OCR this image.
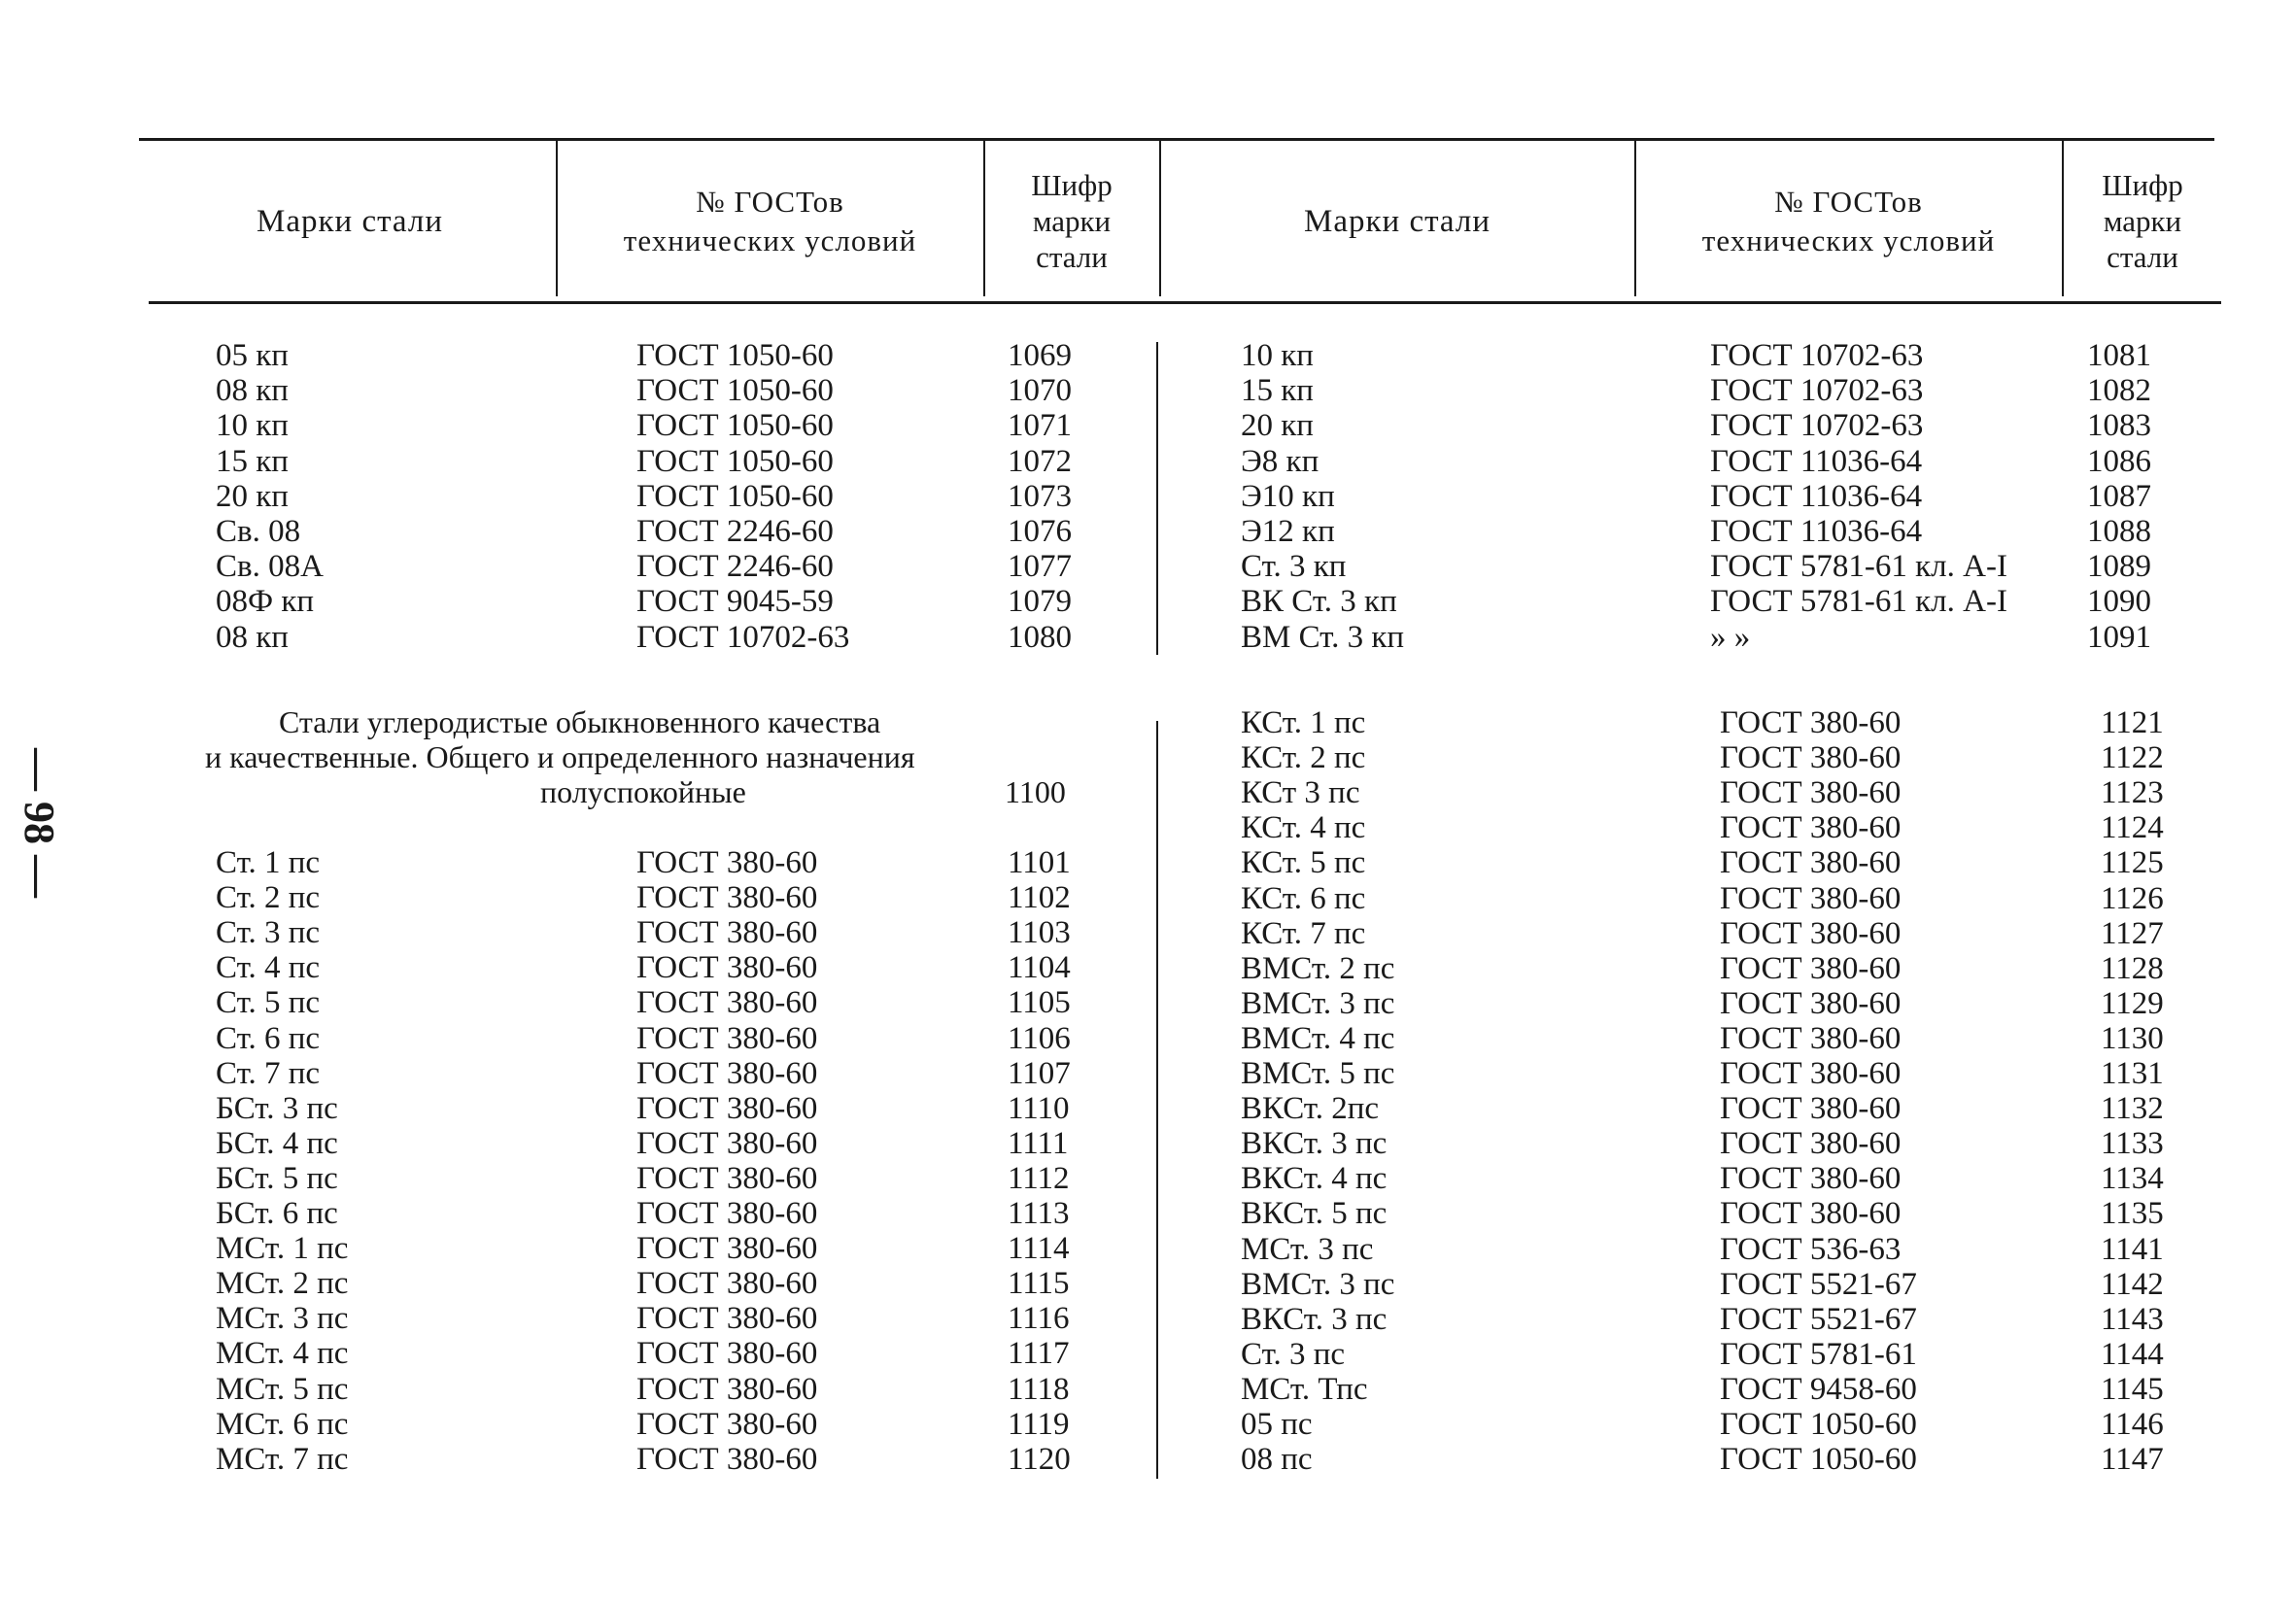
— 98 —
Марки стали
№ ГОСТов
технических условий
Шифр
марки
стали
Марки стали
№ ГОСТов
технических условий
Шифр
марки
стали
Стали углеродистые обыкновенного качества
и качественные. Общего и определенного назначения
полуспокойные	1100
05 кп	ГОСТ 1050-60	1069
08 кп	ГОСТ 1050-60	1070
10 кп	ГОСТ 1050-60	1071
15 кп	ГОСТ 1050-60	1072
20 кп	ГОСТ 1050-60	1073
Св. 08	ГОСТ 2246-60	1076
Св. 08А	ГОСТ 2246-60	1077
08Ф кп	ГОСТ 9045-59	1079
08 кп	ГОСТ 10702-63	1080
Ст. 1 пс	ГОСТ 380-60	1101
Ст. 2 пс	ГОСТ 380-60	1102
Ст. 3 пс	ГОСТ 380-60	1103
Ст. 4 пс	ГОСТ 380-60	1104
Ст. 5 пс	ГОСТ 380-60	1105
Ст. 6 пс	ГОСТ 380-60	1106
Ст. 7 пс	ГОСТ 380-60	1107
БСт. 3 пс	ГОСТ 380-60	1110
БСт. 4 пс	ГОСТ 380-60	1111
БСт. 5 пс	ГОСТ 380-60	1112
БСт. 6 пс	ГОСТ 380-60	1113
МСт. 1 пс	ГОСТ 380-60	1114
МСт. 2 пс	ГОСТ 380-60	1115
МСт. 3 пс	ГОСТ 380-60	1116
МСт. 4 пс	ГОСТ 380-60	1117
МСт. 5 пс	ГОСТ 380-60	1118
МСт. 6 пс	ГОСТ 380-60	1119
МСт. 7 пс	ГОСТ 380-60	1120
10 кп	ГОСТ 10702-63	1081
15 кп	ГОСТ 10702-63	1082
20 кп	ГОСТ 10702-63	1083
Э8 кп	ГОСТ 11036-64	1086
Э10 кп	ГОСТ 11036-64	1087
Э12 кп	ГОСТ 11036-64	1088
Ст. 3 кп	ГОСТ 5781-61 кл. А-I 1089
ВК Ст. 3 кп	ГОСТ 5781-61 кл. А-I 1090
ВМ Ст. 3 кп	» »	1091
КСт. 1 пс	ГОСТ 380-60	1121
КСт. 2 пс	ГОСТ 380-60	1122
КСт 3 пс	ГОСТ 380-60	1123
КСт. 4 пс	ГОСТ 380-60	1124
КСт. 5 пс	ГОСТ 380-60	1125
КСт. 6 пс	ГОСТ 380-60	1126
КСт. 7 пс	ГОСТ 380-60	1127
ВМСт. 2 пс	ГОСТ 380-60	1128
ВМСт. 3 пс	ГОСТ 380-60	1129
ВМСт. 4 пс	ГОСТ 380-60	1130
ВМСт. 5 пс	ГОСТ 380-60	1131
ВКСт. 2пс	ГОСТ 380-60	1132
ВКСт. 3 пс	ГОСТ 380-60	1133
ВКСт. 4 пс	ГОСТ 380-60	1134
ВКСт. 5 пс	ГОСТ 380-60	1135
МСт. 3 пс	ГОСТ 536-63	1141
ВМСт. 3 пс	ГОСТ 5521-67	1142
ВКСт. 3 пс	ГОСТ 5521-67	1143
Ст. 3 пс	ГОСТ 5781-61	1144
МСт. Тпс	ГОСТ 9458-60	1145
05 пс	ГОСТ 1050-60	1146
08 пс	ГОСТ 1050-60	1147
